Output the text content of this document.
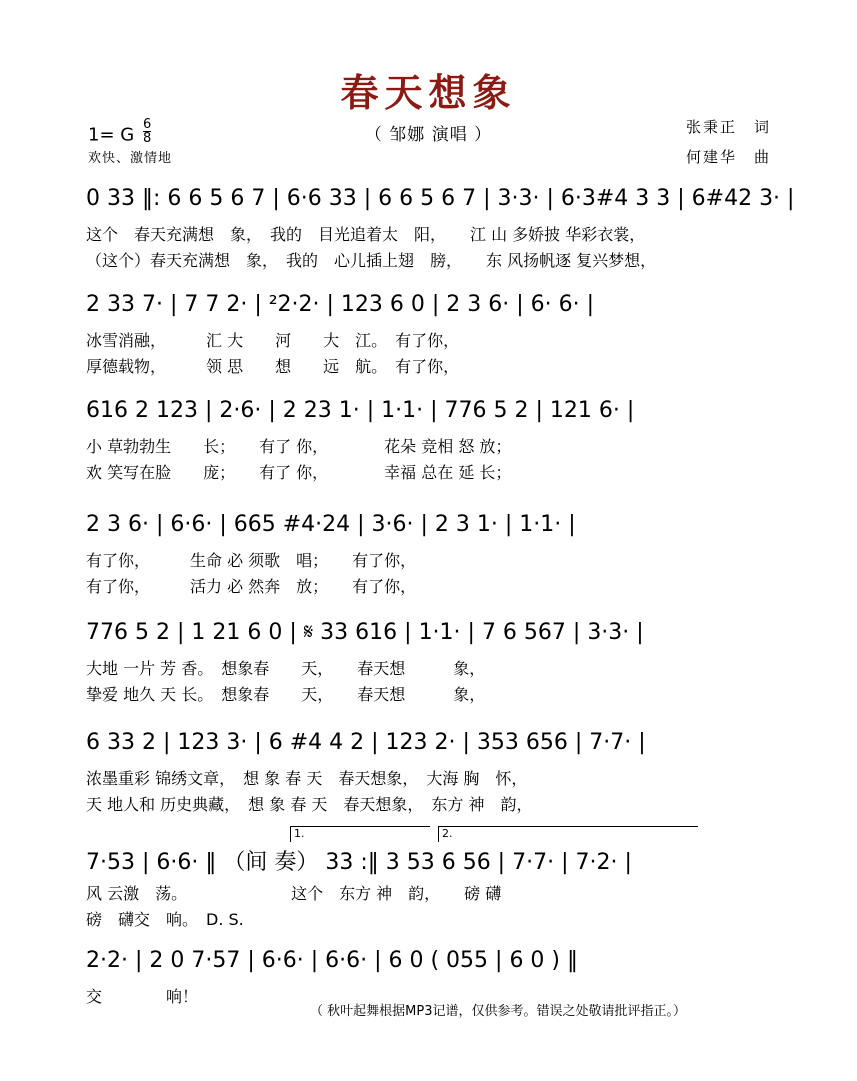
春天想象
（ 邹娜 演唱 ）
1= G $\frac{6}{8}$
欢快、激情地
张秉正　词
何建华　曲
0 33 ‖: 6 6 5 6 7 | 6·6 33 | 6 6 5 6 7 | 3·3· | 6·3#4 3 3 | 6#42 3· |
这个　春天充满想　象，　我的　目光追着太　阳，　　江 山 多娇披 华彩衣裳，
（这个）春天充满想　象，　我的　心儿插上翅　膀，　　东 风扬帆逐 复兴梦想，
2 33 7· | 7 7 2· | ²2·2· | 123 6 0 | 2 3 6· | 6· 6· |
冰雪消融，　　　汇 大　　河　　大　江。　有了你，
厚德载物，　　　领 思　　想　　远　航。　有了你，
616 2 123 | 2·6· | 2 23 1· | 1·1· | 776 5 2 | 121 6· |
小 草勃勃生　　长；　　有了 你，　　　　花朵 竞相 怒 放；
欢 笑写在脸　　庞；　　有了 你，　　　　幸福 总在 延 长；
2 3 6· | 6·6· | 665 #4·24 | 3·6· | 2 3 1· | 1·1· |
有了你，　　　生命 必 须歌　唱；　　有了你，
有了你，　　　活力 必 然奔　放；　　有了你，
776 5 2 | 1 21 6 0 | 𝄋 33 616 | 1·1· | 7 6 567 | 3·3· |
大地 一片 芳 香。　想象春　　天，　　春天想　　　象，
挚爱 地久 天 长。　想象春　　天，　　春天想　　　象，
6 33 2 | 123 3· | 6 #4 4 2 | 123 2· | 353 656 | 7·7· |
浓墨重彩 锦绣文章，　想 象 春 天　春天想象，　大海 胸　怀，
天 地人和 历史典藏，　想 象 春 天　春天想象，　东方 神　韵，
1.	2.
7·53 | 6·6· ‖ （间 奏） 33 :‖ 3 53 6 56 | 7·7· | 7·2· |
风 云激　荡。　　　　　　　这个　东方 神　韵，　　磅 礴
磅　礴交　响。　D. S.
2·2· | 2 0 7·57 | 6·6· | 6·6· | 6 0 ( 055 | 6 0 ) ‖
交　　　　响！
（ 秋叶起舞根据MP3记谱，仅供参考。错误之处敬请批评指正。）
